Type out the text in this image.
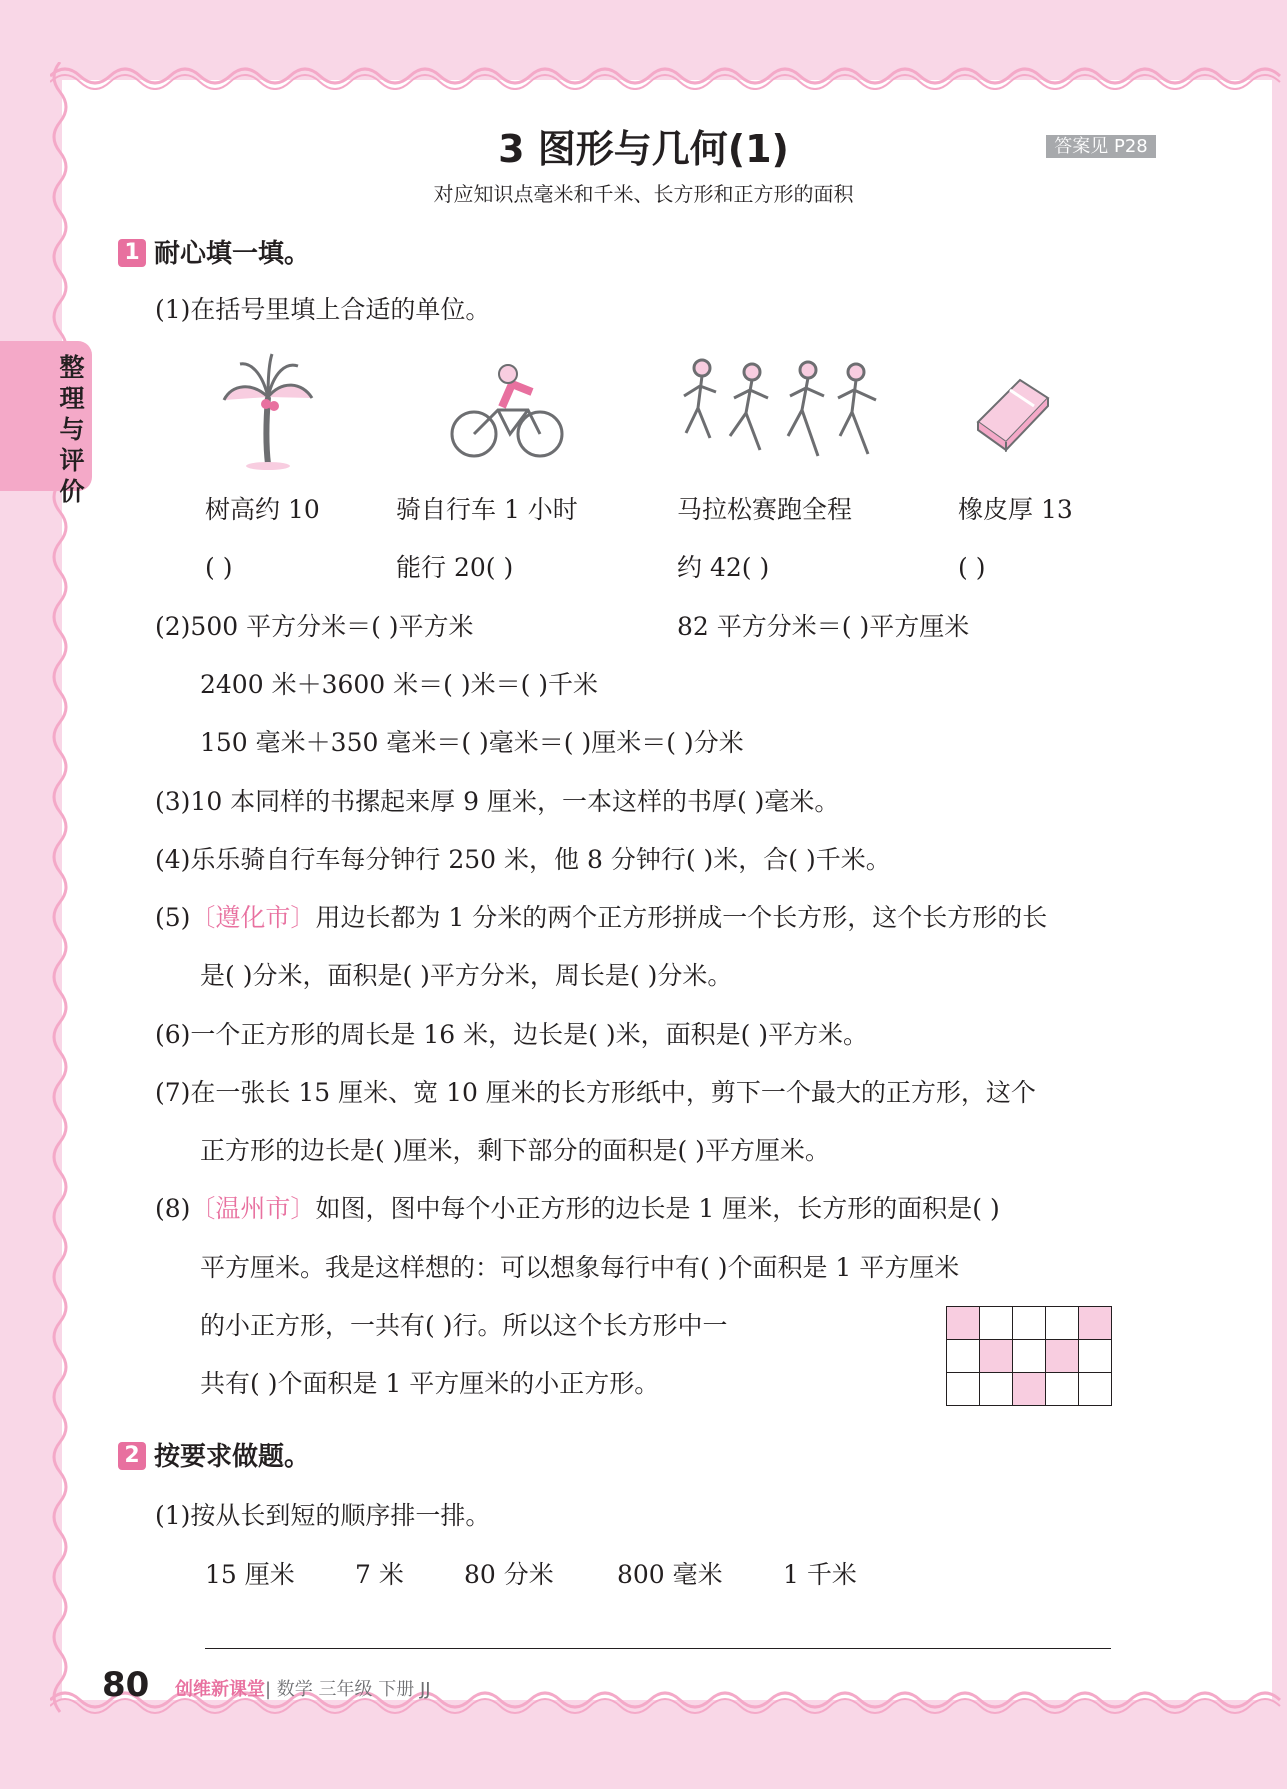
整理与评价
3 图形与几何(1)	答案见 P28
对应知识点毫米和千米、长方形和正方形的面积
1 耐心填一填。
(1)在括号里填上合适的单位。
树高约 10
( )
骑自行车 1 小时
能行 20( )
马拉松赛跑全程
约 42( )
橡皮厚 13
( )
(2)500 平方分米＝( )平方米	82 平方分米＝( )平方厘米
2400 米＋3600 米＝( )米＝( )千米
150 毫米＋350 毫米＝( )毫米＝( )厘米＝( )分米
(3)10 本同样的书摞起来厚 9 厘米，一本这样的书厚( )毫米。
(4)乐乐骑自行车每分钟行 250 米，他 8 分钟行( )米，合( )千米。
(5)〔遵化市〕用边长都为 1 分米的两个正方形拼成一个长方形，这个长方形的长
是( )分米，面积是( )平方分米，周长是( )分米。
(6)一个正方形的周长是 16 米，边长是( )米，面积是( )平方米。
(7)在一张长 15 厘米、宽 10 厘米的长方形纸中，剪下一个最大的正方形，这个
正方形的边长是( )厘米，剩下部分的面积是( )平方厘米。
(8)〔温州市〕如图，图中每个小正方形的边长是 1 厘米，长方形的面积是( )
平方厘米。我是这样想的：可以想象每行中有( )个面积是 1 平方厘米
的小正方形，一共有( )行。所以这个长方形中一
共有( )个面积是 1 平方厘米的小正方形。
2 按要求做题。
(1)按从长到短的顺序排一排。
15 厘米 7 米 80 分米	800 毫米 1 千米
80 创维新课堂| 数学 三年级 下册 JJ
